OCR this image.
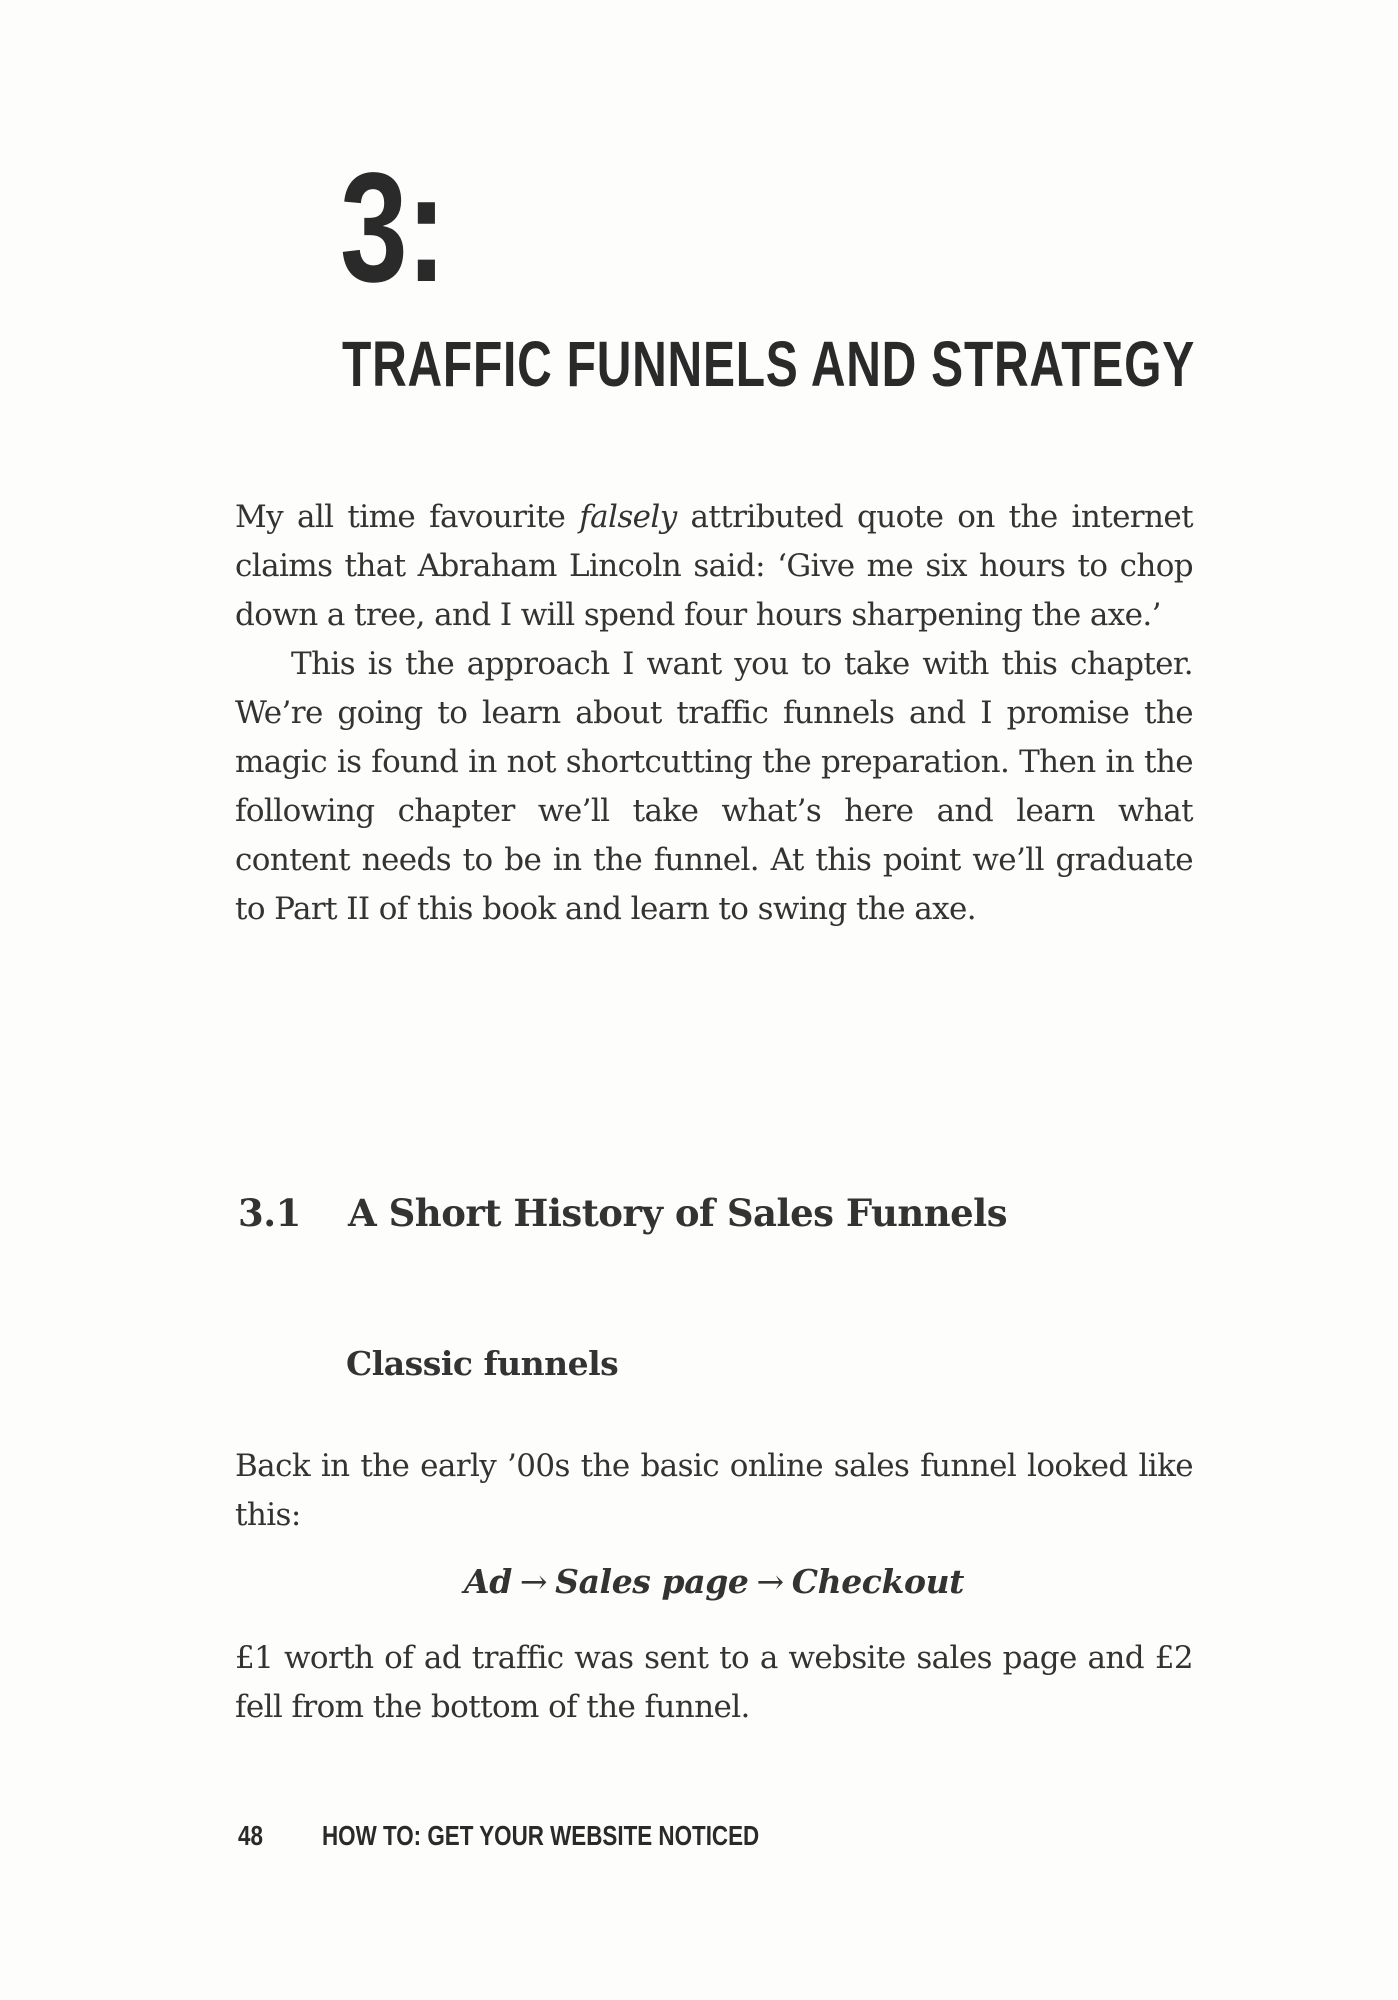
3:
TRAFFIC FUNNELS AND STRATEGY

My all time favourite falsely attributed quote on the internet claims that Abraham Lincoln said: ‘Give me six hours to chop down a tree, and I will spend four hours sharpening the axe.’

This is the approach I want you to take with this chapter. We’re going to learn about traffic funnels and I promise the magic is found in not shortcutting the preparation. Then in the following chapter we’ll take what’s here and learn what content needs to be in the funnel. At this point we’ll graduate to Part II of this book and learn to swing the axe.

3.1 A Short History of Sales Funnels
Classic funnels

Back in the early ’00s the basic online sales funnel looked like this:

Ad → Sales page → Checkout

£1 worth of ad traffic was sent to a website sales page and £2 fell from the bottom of the funnel.

48 HOW TO: GET YOUR WEBSITE NOTICED
